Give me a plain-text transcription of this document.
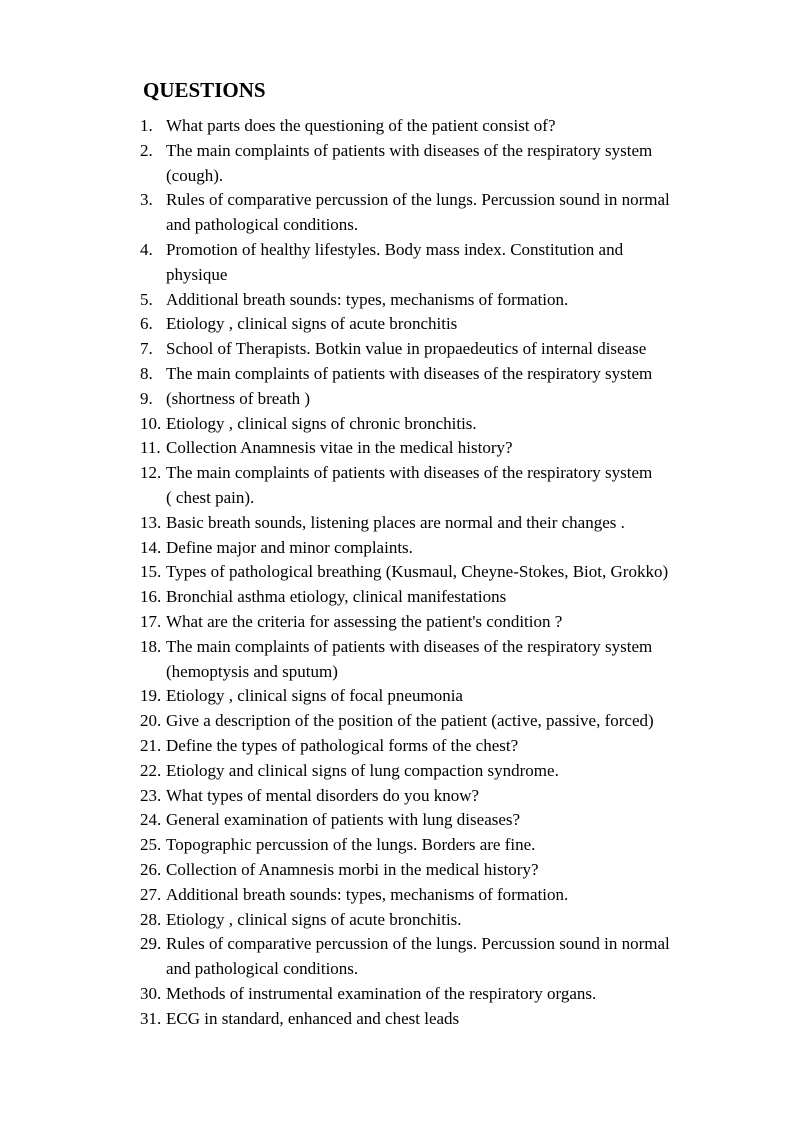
QUESTIONS
1. What parts does the questioning of the patient consist of?
2. The main complaints of patients with diseases of the respiratory system
(cough).
3. Rules of comparative percussion of the lungs. Percussion sound in normal
and pathological conditions.
4. Promotion of healthy lifestyles. Body mass index. Constitution and
physique
5. Additional breath sounds: types, mechanisms of formation.
6. Etiology , clinical signs of acute bronchitis
7. School of Therapists. Botkin value in propaedeutics of internal disease
8. The main complaints of patients with diseases of the respiratory system
9. (shortness of breath )
10. Etiology , clinical signs of chronic bronchitis.
11. Collection Anamnesis vitae in the medical history?
12. The main complaints of patients with diseases of the respiratory system
( chest pain).
13. Basic breath sounds, listening places are normal and their changes .
14. Define major and minor complaints.
15. Types of pathological breathing (Kusmaul, Cheyne-Stokes, Biot, Grokko)
16. Bronchial asthma etiology, clinical manifestations
17. What are the criteria for assessing the patient's condition ?
18. The main complaints of patients with diseases of the respiratory system
(hemoptysis and sputum)
19. Etiology , clinical signs of focal pneumonia
20. Give a description of the position of the patient (active, passive, forced)
21. Define the types of pathological forms of the chest?
22. Etiology and clinical signs of lung compaction syndrome.
23. What types of mental disorders do you know?
24. General examination of patients with lung diseases?
25. Topographic percussion of the lungs. Borders are fine.
26. Collection of Anamnesis morbi in the medical history?
27. Additional breath sounds: types, mechanisms of formation.
28. Etiology , clinical signs of acute bronchitis.
29. Rules of comparative percussion of the lungs. Percussion sound in normal
and pathological conditions.
30. Methods of instrumental examination of the respiratory organs.
31. ECG in standard, enhanced and chest leads
